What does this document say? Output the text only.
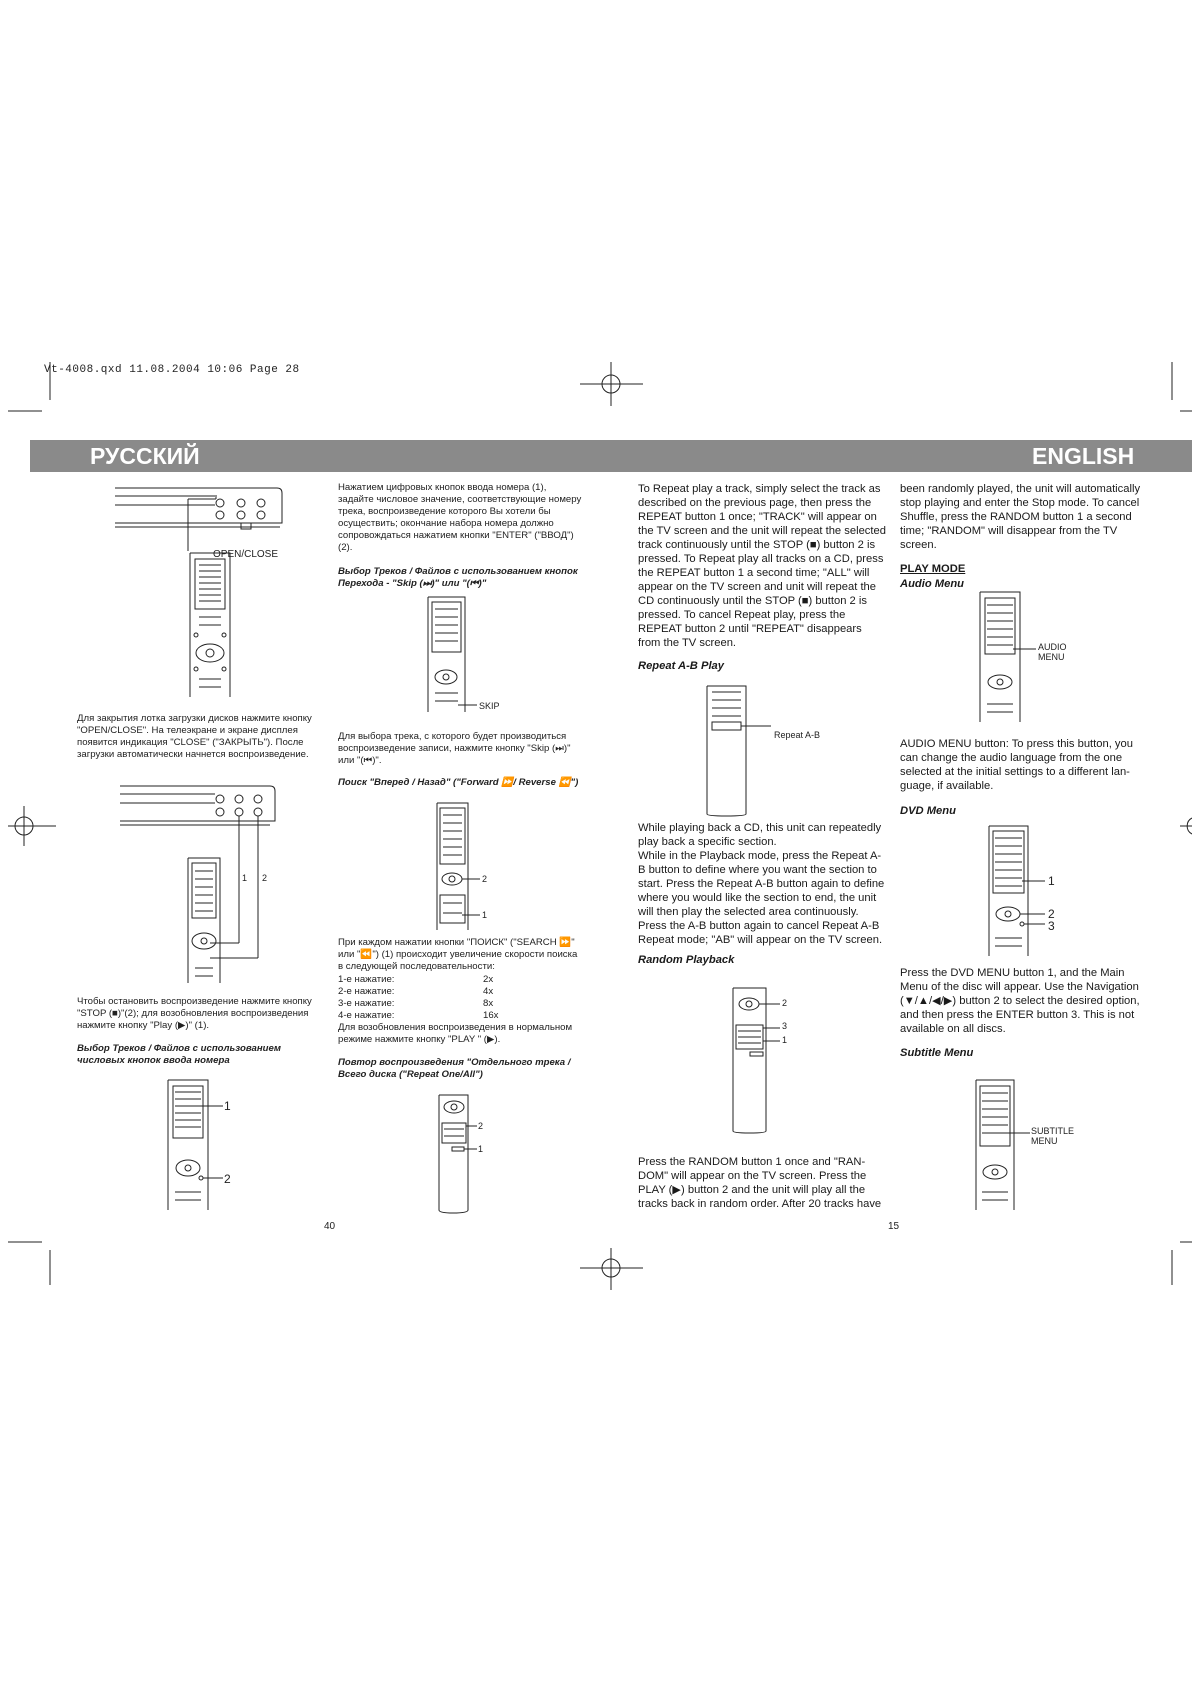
Vt-4008.qxd 11.08.2004 10:06 Page 28
РУССКИЙ	ENGLISH
OPEN/CLOSE

Для закрытия лотка загрузки дисков нажмите кнопку "OPEN/CLOSE". На телеэкране и экране дисплея появится индикация "CLOSE" ("ЗАКРЫТЬ"). После загрузки автоматически начнется воспроизведение.

1 2

Чтобы остановить воспроизведение нажмите кнопку "STOP (■)"(2); для возобновления воспроизведения нажмите кнопку "Play (▶)" (1).

Выбор Треков / Файлов с использованием числовых кнопок ввода номера

1
2

Нажатием цифровых кнопок ввода номера (1), задайте числовое значение, соответствующие номеру трека, воспроизведение которого Вы хотели бы осуществить; окончание набора номера должно сопровождаться нажатием кнопки "ENTER" ("ВВОД") (2).

Выбор Треков / Файлов с использованием кнопок Перехода - "Skip (⏭)" или "(⏮)"

SKIP

Для выбора трека, с которого будет производиться воспроизведение записи, нажмите кнопку "Skip (⏭)" или "(⏮)".

Поиск "Вперед / Назад" ("Forward ⏩/ Reverse ⏪")

2
1

При каждом нажатии кнопки "ПОИСК" ("SEARCH ⏩" или "⏪") (1) происходит увеличение скорости поиска в следующей последовательности:

1-е нажатие:	2x
2-е нажатие:	4x
3-е нажатие:	8x
4-е нажатие:	16x

Для возобновления воспроизведения в нормальном режиме нажмите кнопку "PLAY " (▶).

Повтор воспроизведения "Отдельного трека / Всего диска ("Repeat One/All")

2
1
40

To Repeat play a track, simply select the track as described on the previous page, then press the REPEAT button 1 once; "TRACK" will appear on the TV screen and the unit will repeat the selected track continuously until the STOP (■) button 2 is pressed. To Repeat play all tracks on a CD, press the REPEAT button 1 a second time; "ALL" will appear on the TV screen and unit will repeat the CD continuously until the STOP (■) button 2 is pressed. To cancel Repeat play, press the REPEAT button 2 until "REPEAT" disappears from the TV screen.

Repeat A-B Play

Repeat A-B

While playing back a CD, this unit can repeatedly play back a specific section.
While in the Playback mode, press the Repeat A-B button to define where you want the section to start. Press the Repeat A-B button again to define where you would like the section to end, the unit will then play the selected area continuously.
Press the A-B button again to cancel Repeat A-B Repeat mode; "AB" will appear on the TV screen.

Random Playback

2
3
1

Press the RANDOM button 1 once and "RAN-DOM" will appear on the TV screen. Press the PLAY (▶) button 2 and the unit will play all the tracks back in random order. After 20 tracks have

15

been randomly played, the unit will automatically stop playing and enter the Stop mode. To cancel Shuffle, press the RANDOM button 1 a second time; "RANDOM" will disappear from the TV screen.

PLAY MODE

Audio Menu

AUDIO MENU

AUDIO MENU button: To press this button, you can change the audio language from the one selected at the initial settings to a different lan-guage, if available.

DVD Menu

1
2
3

Press the DVD MENU button 1, and the Main Menu of the disc will appear. Use the Navigation (▼/▲/◀/▶) button 2 to select the desired option, and then press the ENTER button 3. This is not available on all discs.

Subtitle Menu

SUBTITLE MENU
